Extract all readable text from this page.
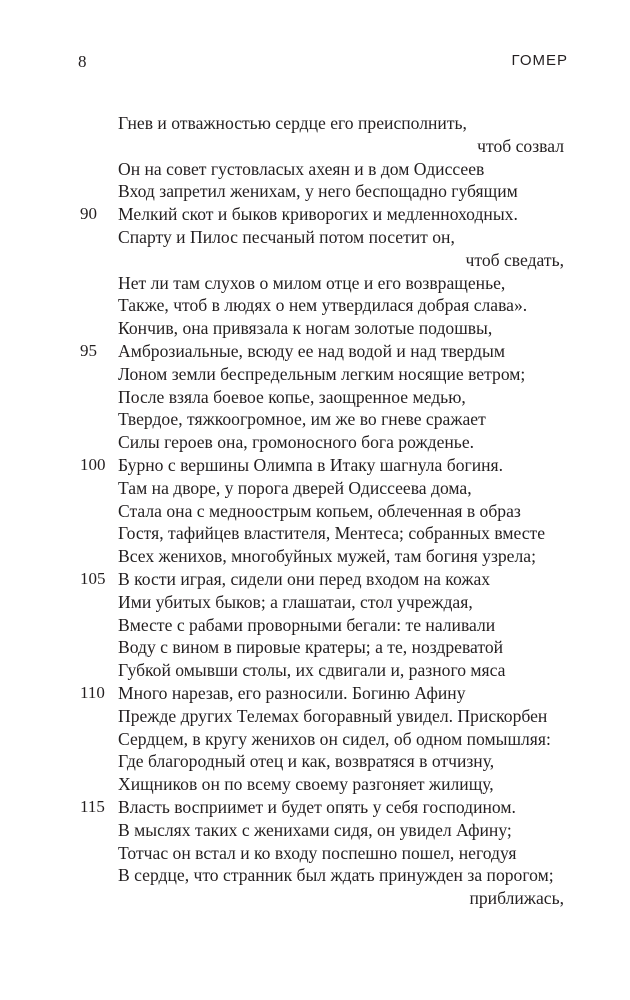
8	ГОМЕР
Гнев и отважностью сердце его преисполнить,
чтоб созвал
Он на совет густовласых ахеян и в дом Одиссеев
Вход запретил женихам, у него беспощадно губящим
90 Мелкий скот и быков криворогих и медленноходных.
Спарту и Пилос песчаный потом посетит он,
чтоб сведать,
Нет ли там слухов о милом отце и его возвращенье,
Также, чтоб в людях о нем утвердилася добрая слава».
Кончив, она привязала к ногам золотые подошвы,
95 Амброзиальные, всюду ее над водой и над твердым
Лоном земли беспредельным легким носящие ветром;
После взяла боевое копье, заощренное медью,
Твердое, тяжкоогромное, им же во гневе сражает
Силы героев она, громоносного бога рожденье.
100 Бурно с вершины Олимпа в Итаку шагнула богиня.
Там на дворе, у порога дверей Одиссеева дома,
Стала она с медноострым копьем, облеченная в образ
Гостя, тафийцев властителя, Ментеса; собранных вместе
Всех женихов, многобуйных мужей, там богиня узрела;
105 В кости играя, сидели они перед входом на кожах
Ими убитых быков; а глашатаи, стол учреждая,
Вместе с рабами проворными бегали: те наливали
Воду с вином в пировые кратеры; а те, ноздреватой
Губкой омывши столы, их сдвигали и, разного мяса
110 Много нарезав, его разносили. Богиню Афину
Прежде других Телемах богоравный увидел. Прискорбен
Сердцем, в кругу женихов он сидел, об одном помышляя:
Где благородный отец и как, возвратяся в отчизну,
Хищников он по всему своему разгоняет жилищу,
115 Власть восприимет и будет опять у себя господином.
В мыслях таких с женихами сидя, он увидел Афину;
Тотчас он встал и ко входу поспешно пошел, негодуя
В сердце, что странник был ждать принужден за порогом;
приближась,
